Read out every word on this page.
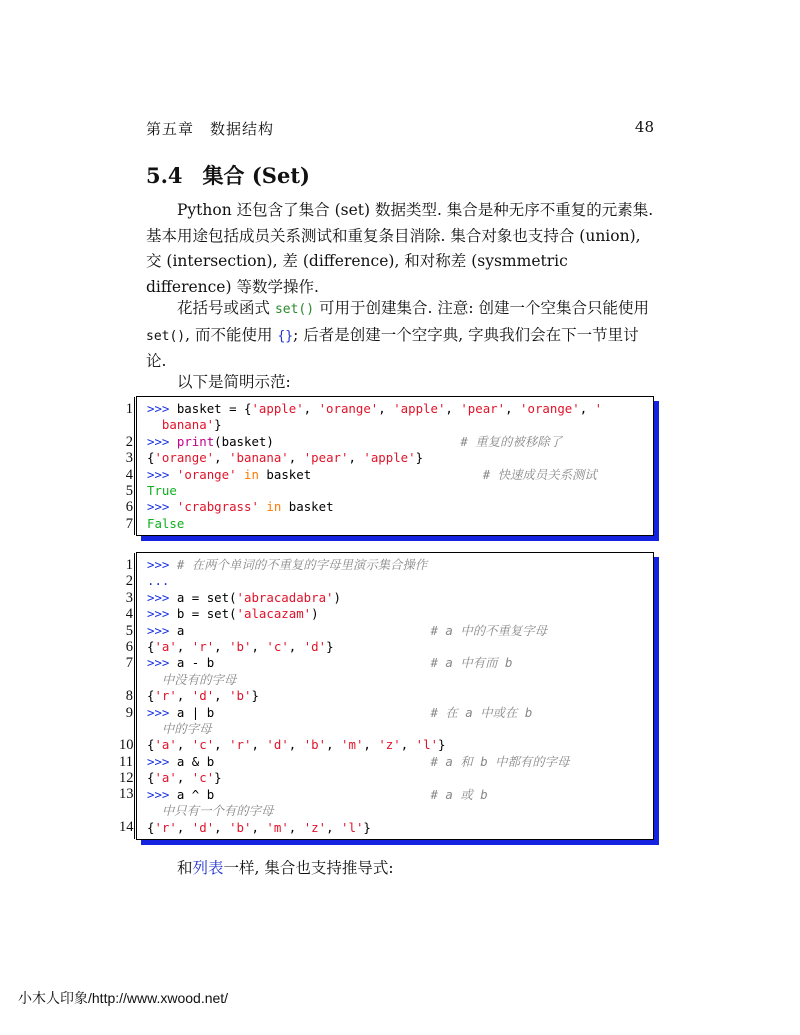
第五章　数据结构	48
5.4 集合 (Set)

Python 还包含了集合 (set) 数据类型. 集合是种无序不重复的元素集. 基本用途包括成员关系测试和重复条目消除. 集合对象也支持合 (union), 交 (intersection), 差 (difference), 和对称差 (sysmmetric difference) 等数学操作.

花括号或函式 set() 可用于创建集合. 注意: 创建一个空集合只能使用 set(), 而不能使用 {}; 后者是创建一个空字典, 字典我们会在下一节里讨论.

以下是简明示范:

1
2
3
4
5
6
7
>>> basket = {'apple', 'orange', 'apple', 'pear', 'orange', '
banana'}
>>> print(basket)	# 重复的被移除了
{'orange', 'banana', 'pear', 'apple'}
>>> 'orange' in basket	# 快速成员关系测试
True
>>> 'crabgrass' in basket
False
1
2
3
4
5
6
7
8
9
10
11
12
13
14
>>> # 在两个单词的不重复的字母里演示集合操作
...
>>> a = set('abracadabra')
>>> b = set('alacazam')
>>> a	# a 中的不重复字母
{'a', 'r', 'b', 'c', 'd'}
>>> a - b	# a 中有而 b
中没有的字母
{'r', 'd', 'b'}
>>> a | b	# 在 a 中或在 b
中的字母
{'a', 'c', 'r', 'd', 'b', 'm', 'z', 'l'}
>>> a & b	# a 和 b 中都有的字母
{'a', 'c'}
>>> a ^ b	# a 或 b
中只有一个有的字母
{'r', 'd', 'b', 'm', 'z', 'l'}

和列表一样, 集合也支持推导式:

小木人印象/http://www.xwood.net/
